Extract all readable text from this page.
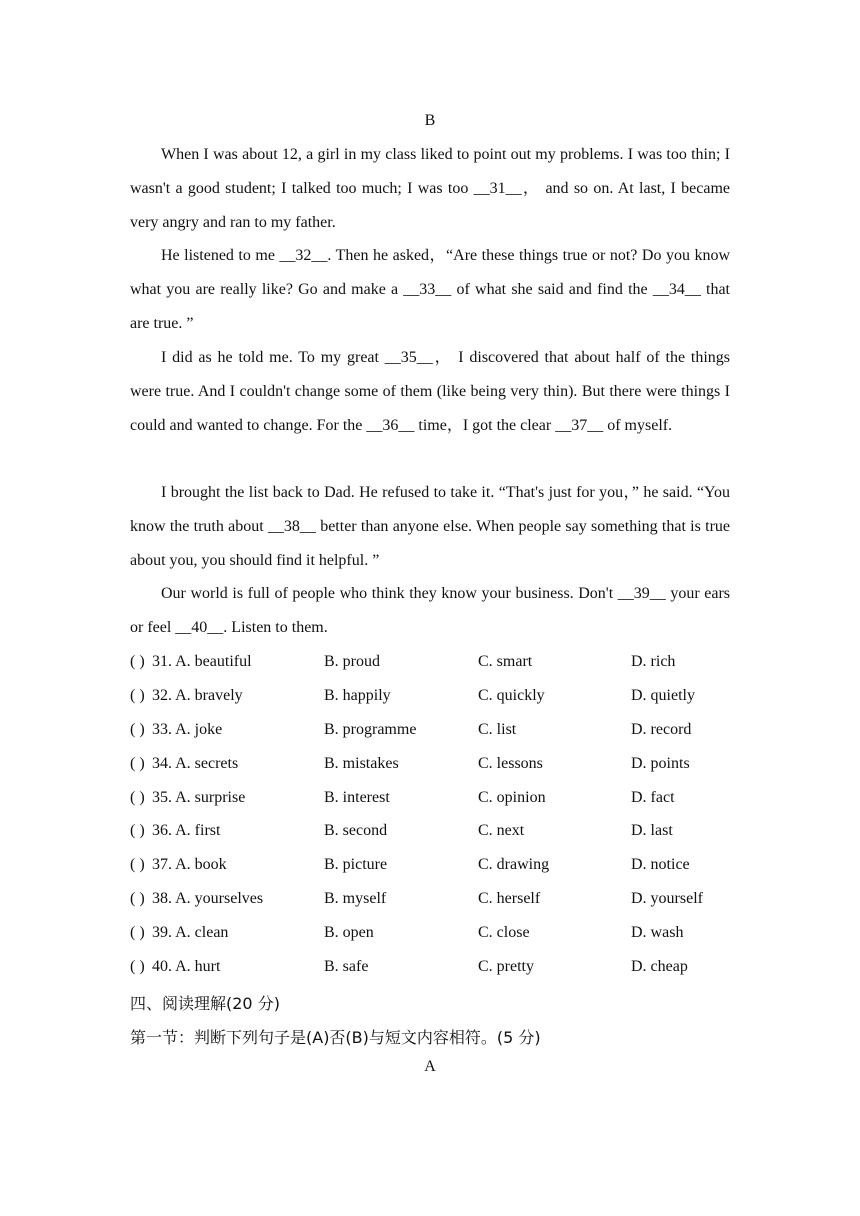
B

When I was about 12, a girl in my class liked to point out my problems. I was too thin; I wasn't a good student; I talked too much; I was too __31__， and so on. At last, I became very angry and ran to my father.

He listened to me __32__. Then he asked，“Are these things true or not? Do you know what you are really like? Go and make a __33__ of what she said and find the __34__ that are true. ”

I did as he told me. To my great __35__， I discovered that about half of the things were true. And I couldn't change some of them (like being very thin). But there were things I could and wanted to change. For the __36__ time，I got the clear __37__ of myself.

I brought the list back to Dad. He refused to take it. “That's just for you，” he said. “You know the truth about __38__ better than anyone else. When people say something that is true about you, you should find it helpful. ”

Our world is full of people who think they know your business. Don't __39__ your ears or feel __40__. Listen to them.

( ) 31. A. beautiful	B. proud	C. smart	D. rich
( ) 32. A. bravely	B. happily	C. quickly	D. quietly
( ) 33. A. joke	B. programme	C. list	D. record
( ) 34. A. secrets	B. mistakes	C. lessons	D. points
( ) 35. A. surprise	B. interest	C. opinion	D. fact
( ) 36. A. first	B. second	C. next	D. last
( ) 37. A. book	B. picture	C. drawing	D. notice
( ) 38. A. yourselves	B. myself	C. herself	D. yourself
( ) 39. A. clean	B. open	C. close	D. wash
( ) 40. A. hurt	B. safe	C. pretty	D. cheap
四、阅读理解(20 分)
第一节：判断下列句子是(A)否(B)与短文内容相符。(5 分)
A
